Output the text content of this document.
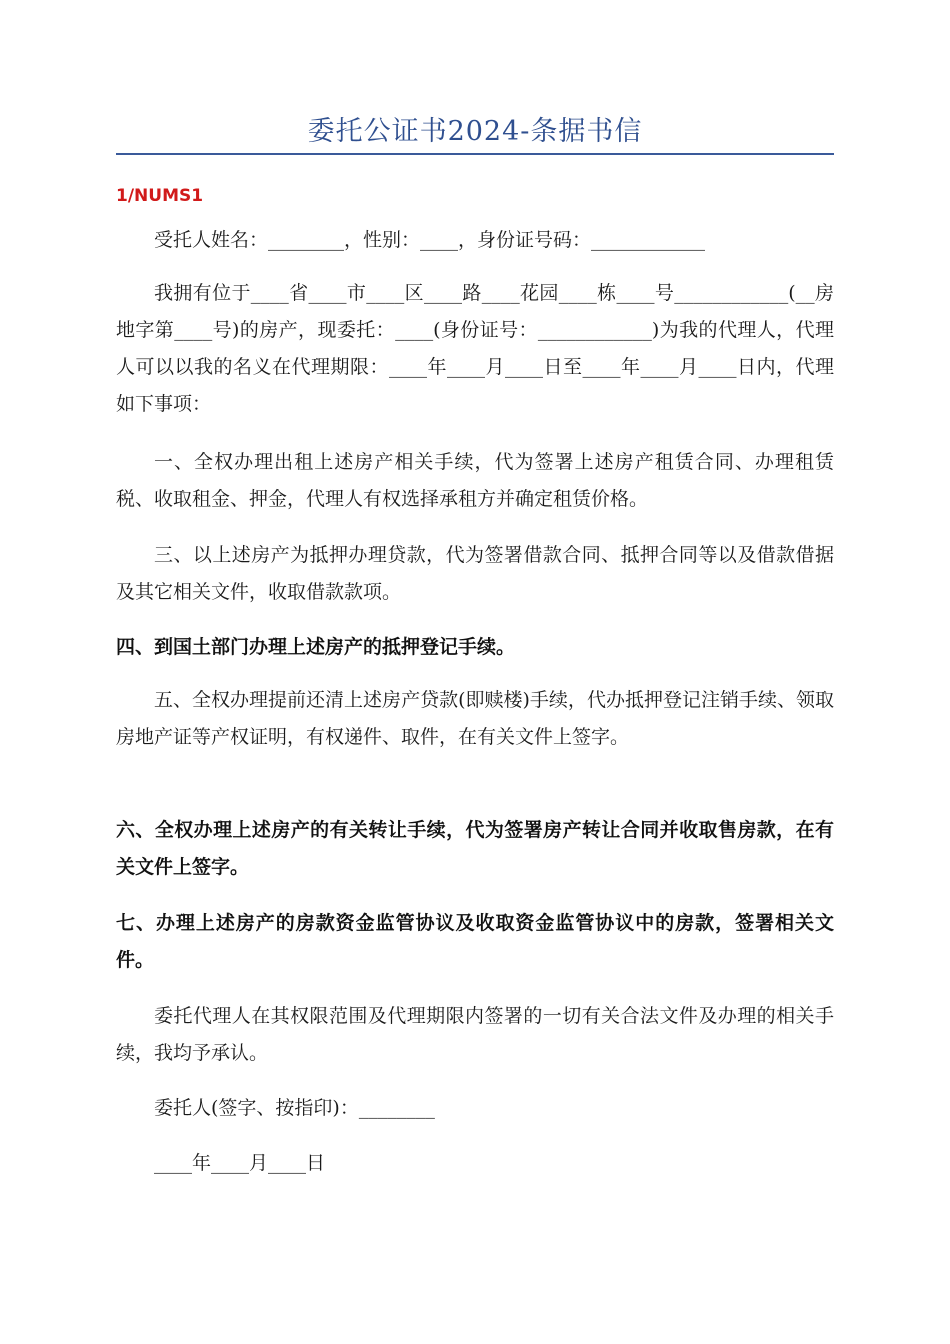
委托公证书2024-条据书信
1/NUMS1

受托人姓名：________，性别：____，身份证号码：____________

我拥有位于____省____市____区____路____花园____栋____号____________(__房地字第____号)的房产，现委托：____(身份证号：____________)为我的代理人，代理人可以以我的名义在代理期限：____年____月____日至____年____月____日内，代理如下事项：

一、全权办理出租上述房产相关手续，代为签署上述房产租赁合同、办理租赁税、收取租金、押金，代理人有权选择承租方并确定租赁价格。

三、以上述房产为抵押办理贷款，代为签署借款合同、抵押合同等以及借款借据及其它相关文件，收取借款款项。

四、到国土部门办理上述房产的抵押登记手续。

五、全权办理提前还清上述房产贷款(即赎楼)手续，代办抵押登记注销手续、领取房地产证等产权证明，有权递件、取件，在有关文件上签字。

六、全权办理上述房产的有关转让手续，代为签署房产转让合同并收取售房款，在有关文件上签字。

七、办理上述房产的房款资金监管协议及收取资金监管协议中的房款，签署相关文件。

委托代理人在其权限范围及代理期限内签署的一切有关合法文件及办理的相关手续，我均予承认。

委托人(签字、按指印)：________

____年____月____日
